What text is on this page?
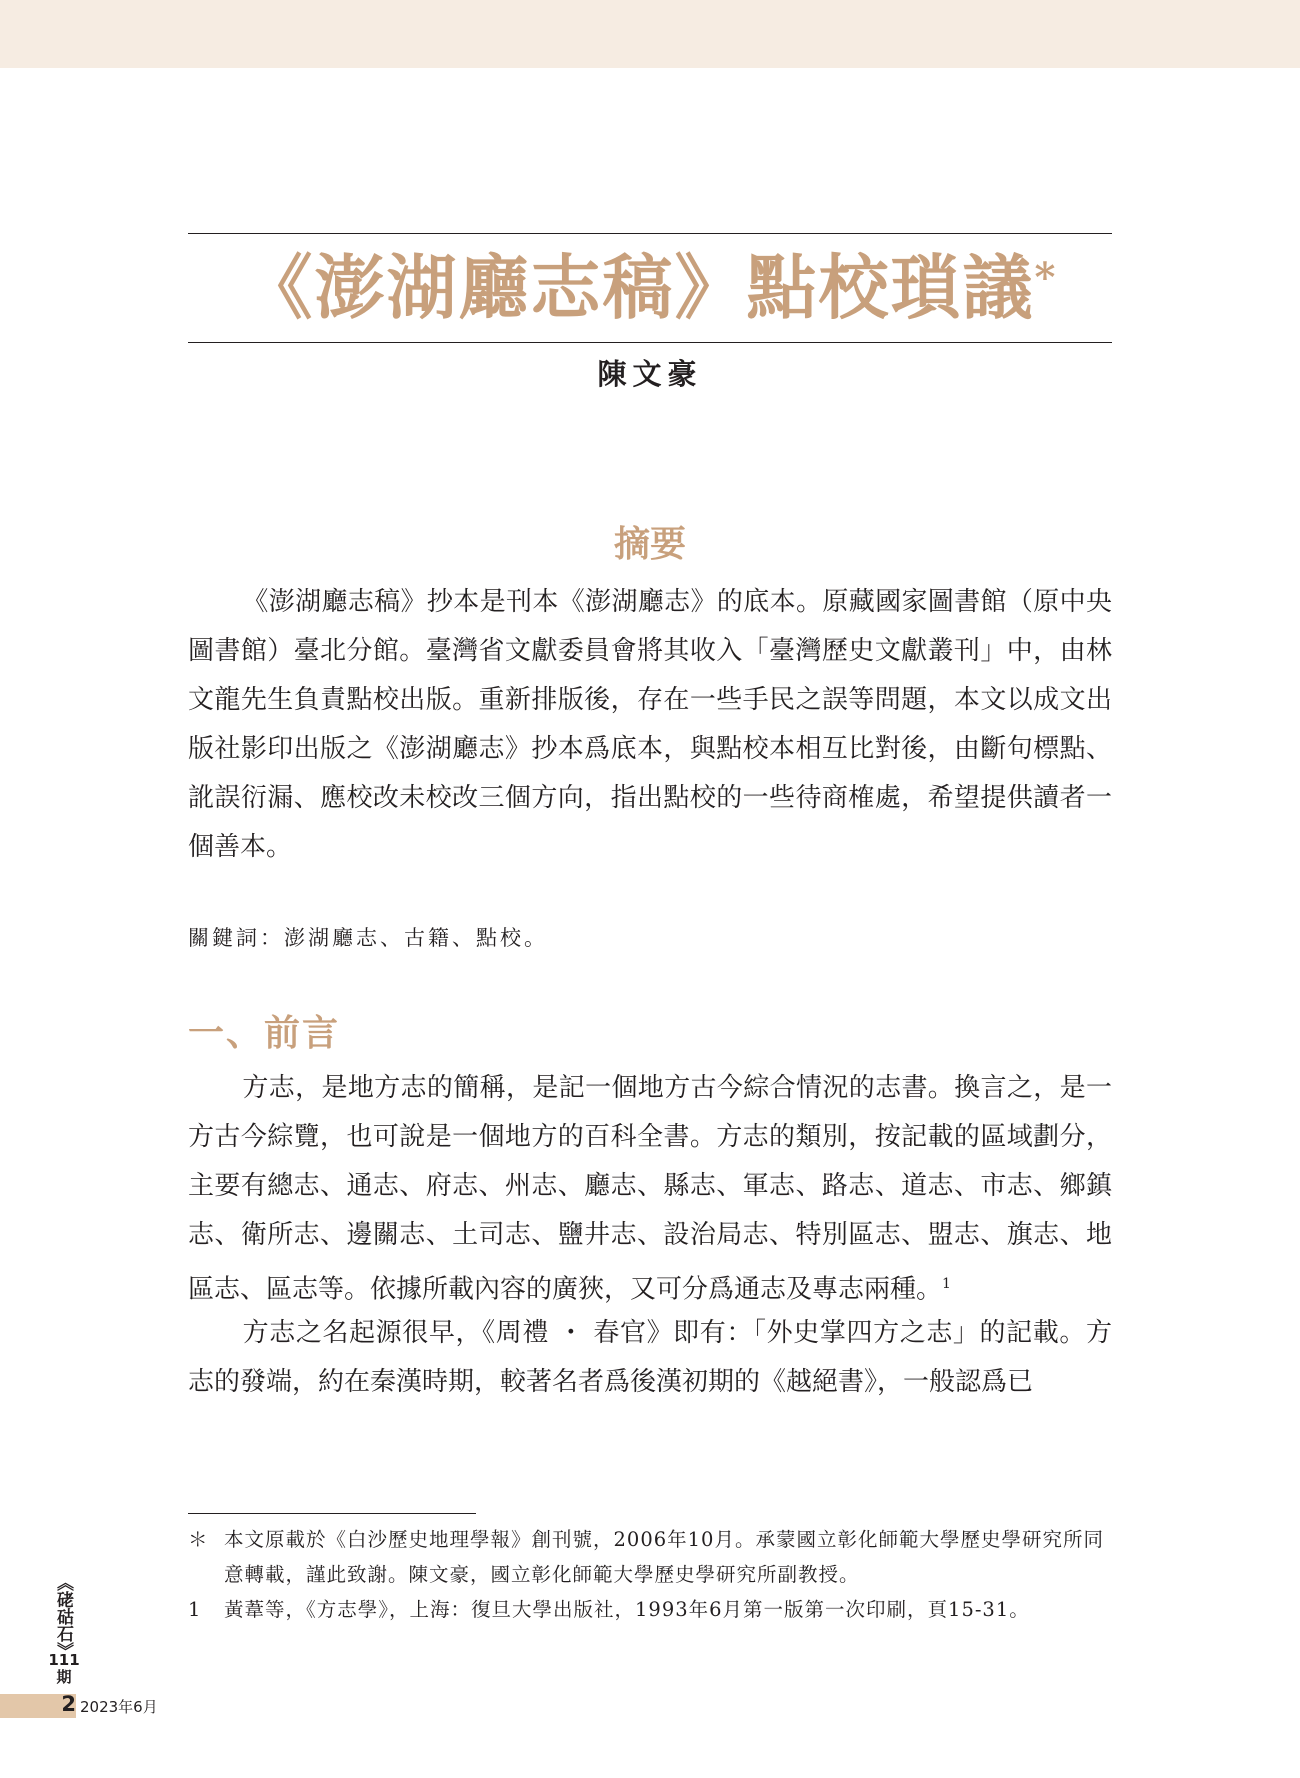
《澎湖廳志稿》點校瑣議*
陳文豪
摘要

《澎湖廳志稿》抄本是刊本《澎湖廳志》的底本。原藏國家圖書館（原中央圖書館）臺北分館。臺灣省文獻委員會將其收入「臺灣歷史文獻叢刊」中，由林文龍先生負責點校出版。重新排版後，存在一些手民之誤等問題，本文以成文出版社影印出版之《澎湖廳志》抄本爲底本，與點校本相互比對後，由斷句標點、訛誤衍漏、應校改未校改三個方向，指出點校的一些待商榷處，希望提供讀者一個善本。

關鍵詞：澎湖廳志、古籍、點校。
一、前言

方志，是地方志的簡稱，是記一個地方古今綜合情況的志書。換言之，是一方古今綜覽，也可說是一個地方的百科全書。方志的類別，按記載的區域劃分，主要有總志、通志、府志、州志、廳志、縣志、軍志、路志、道志、市志、鄉鎮志、衛所志、邊關志、土司志、鹽井志、設治局志、特別區志、盟志、旗志、地區志、區志等。依據所載內容的廣狹，又可分爲通志及專志兩種。$^1$

方志之名起源很早，《周禮 ・ 春官》即有：「外史掌四方之志」的記載。方志的發端，約在秦漢時期，較著名者爲後漢初期的《越絕書》，一般認爲已

＊ 本文原載於《白沙歷史地理學報》創刊號，2006年10月。承蒙國立彰化師範大學歷史學研究所同意轉載，謹此致謝。陳文豪，國立彰化師範大學歷史學研究所副教授。
1	黃葦等，《方志學》，上海：復旦大學出版社，1993年6月第一版第一次印刷，頁15-31。
《硓𥑮石》
111期
2 2023年6月
